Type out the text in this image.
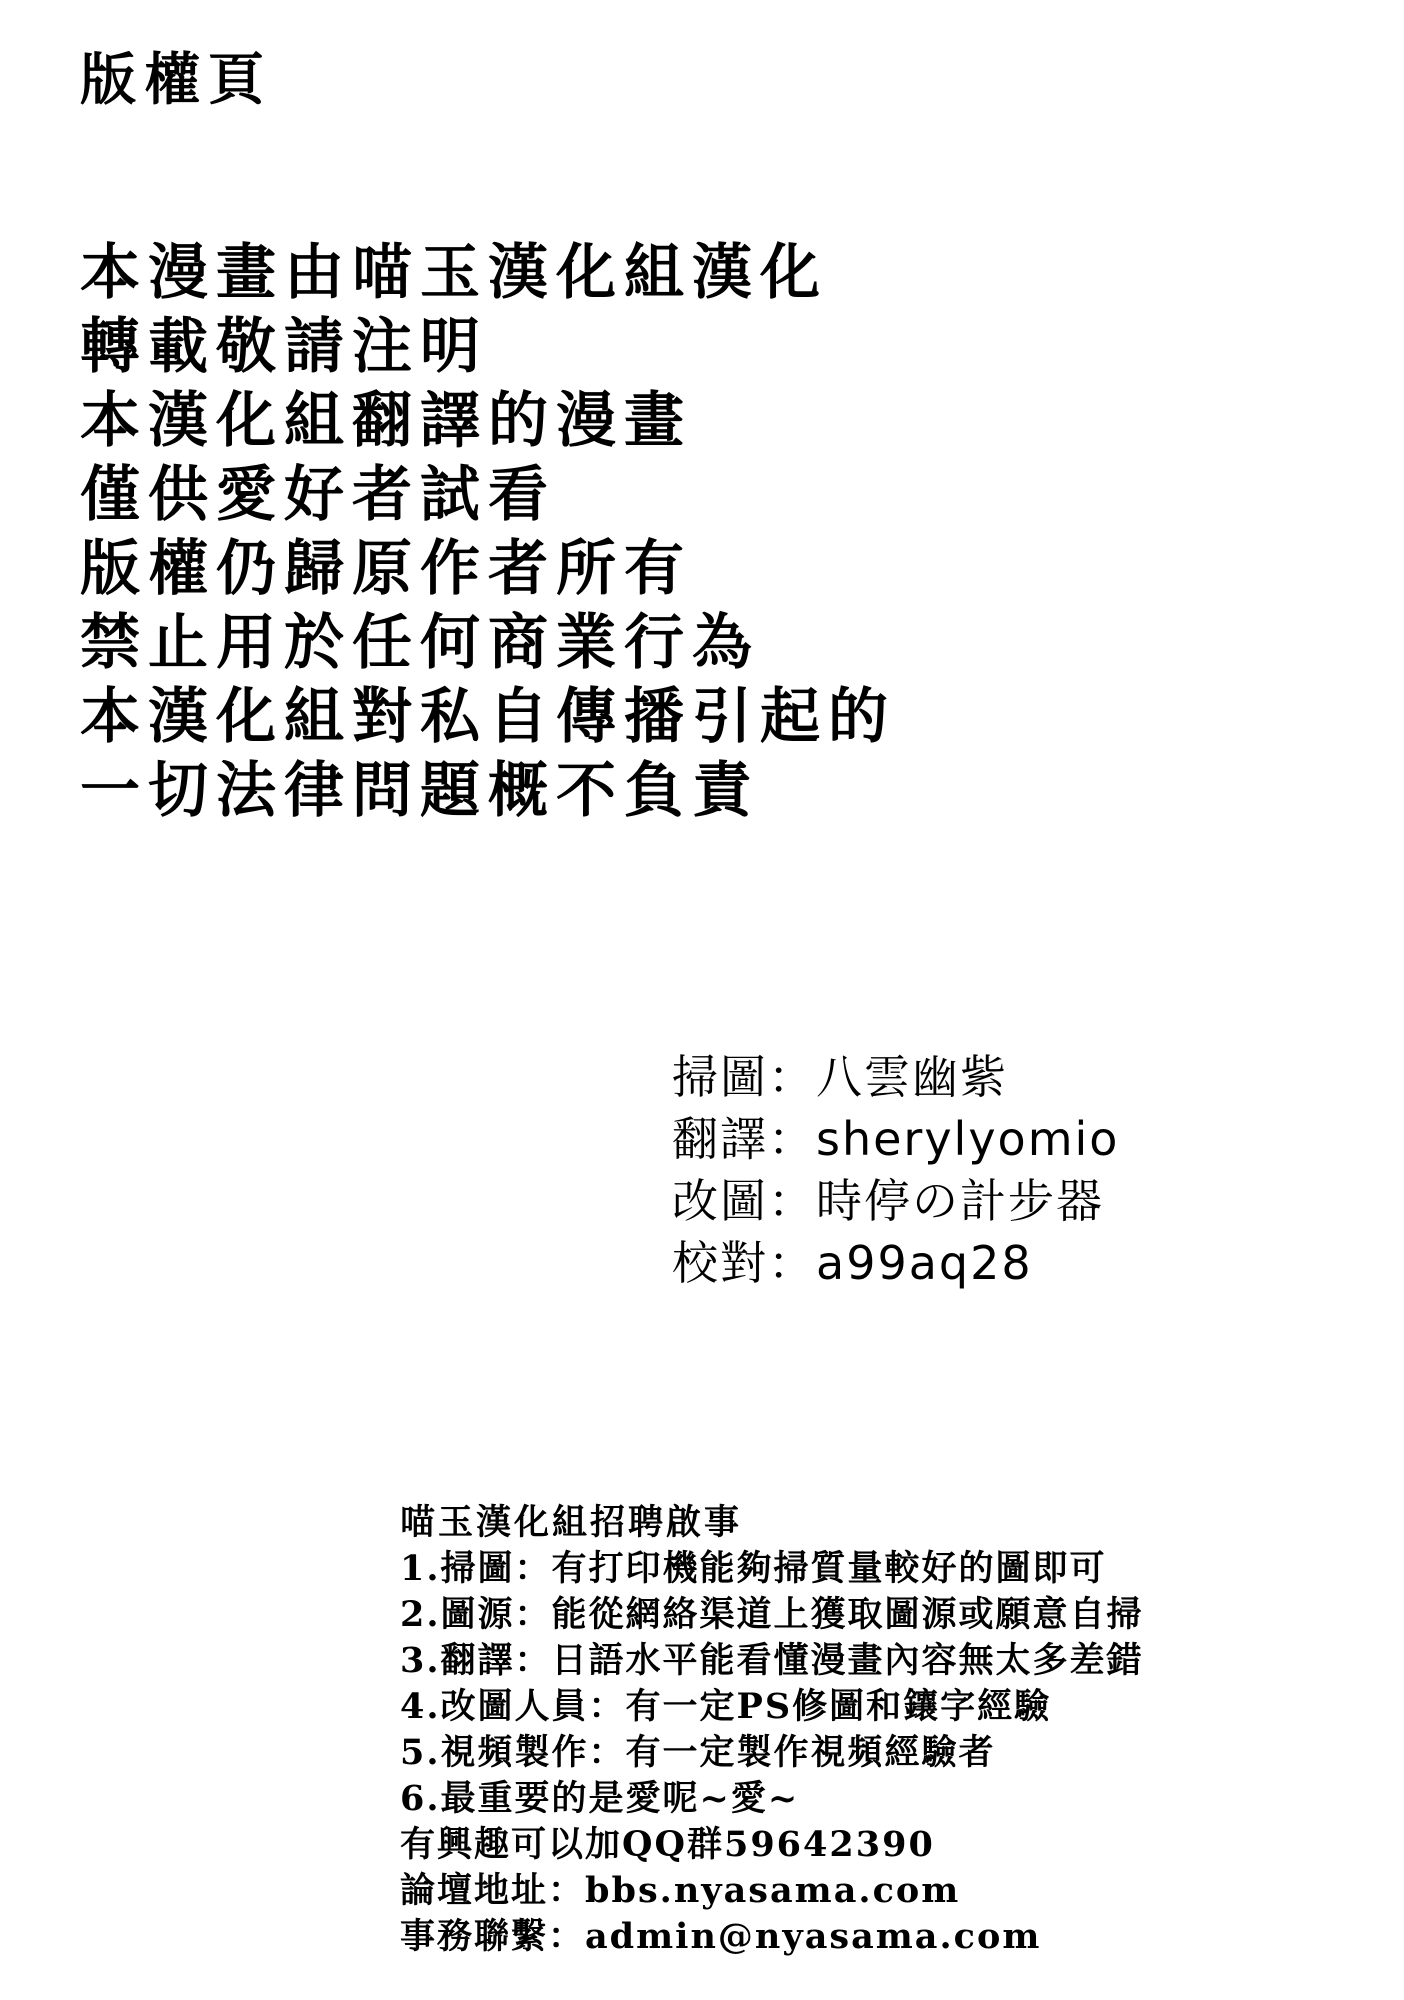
版權頁
本漫畫由喵玉漢化組漢化
轉載敬請注明
本漢化組翻譯的漫畫
僅供愛好者試看
版權仍歸原作者所有
禁止用於任何商業行為
本漢化組對私自傳播引起的
一切法律問題概不負責
掃圖：八雲幽紫
翻譯：sherylyomio
改圖：時停の計步器
校對：a99aq28
喵玉漢化組招聘啟事
1.掃圖：有打印機能夠掃質量較好的圖即可
2.圖源：能從網絡渠道上獲取圖源或願意自掃
3.翻譯：日語水平能看懂漫畫內容無太多差錯
4.改圖人員：有一定PS修圖和鑲字經驗
5.視頻製作：有一定製作視頻經驗者
6.最重要的是愛呢~愛~
有興趣可以加QQ群59642390
論壇地址：bbs.nyasama.com
事務聯繫：admin@nyasama.com
